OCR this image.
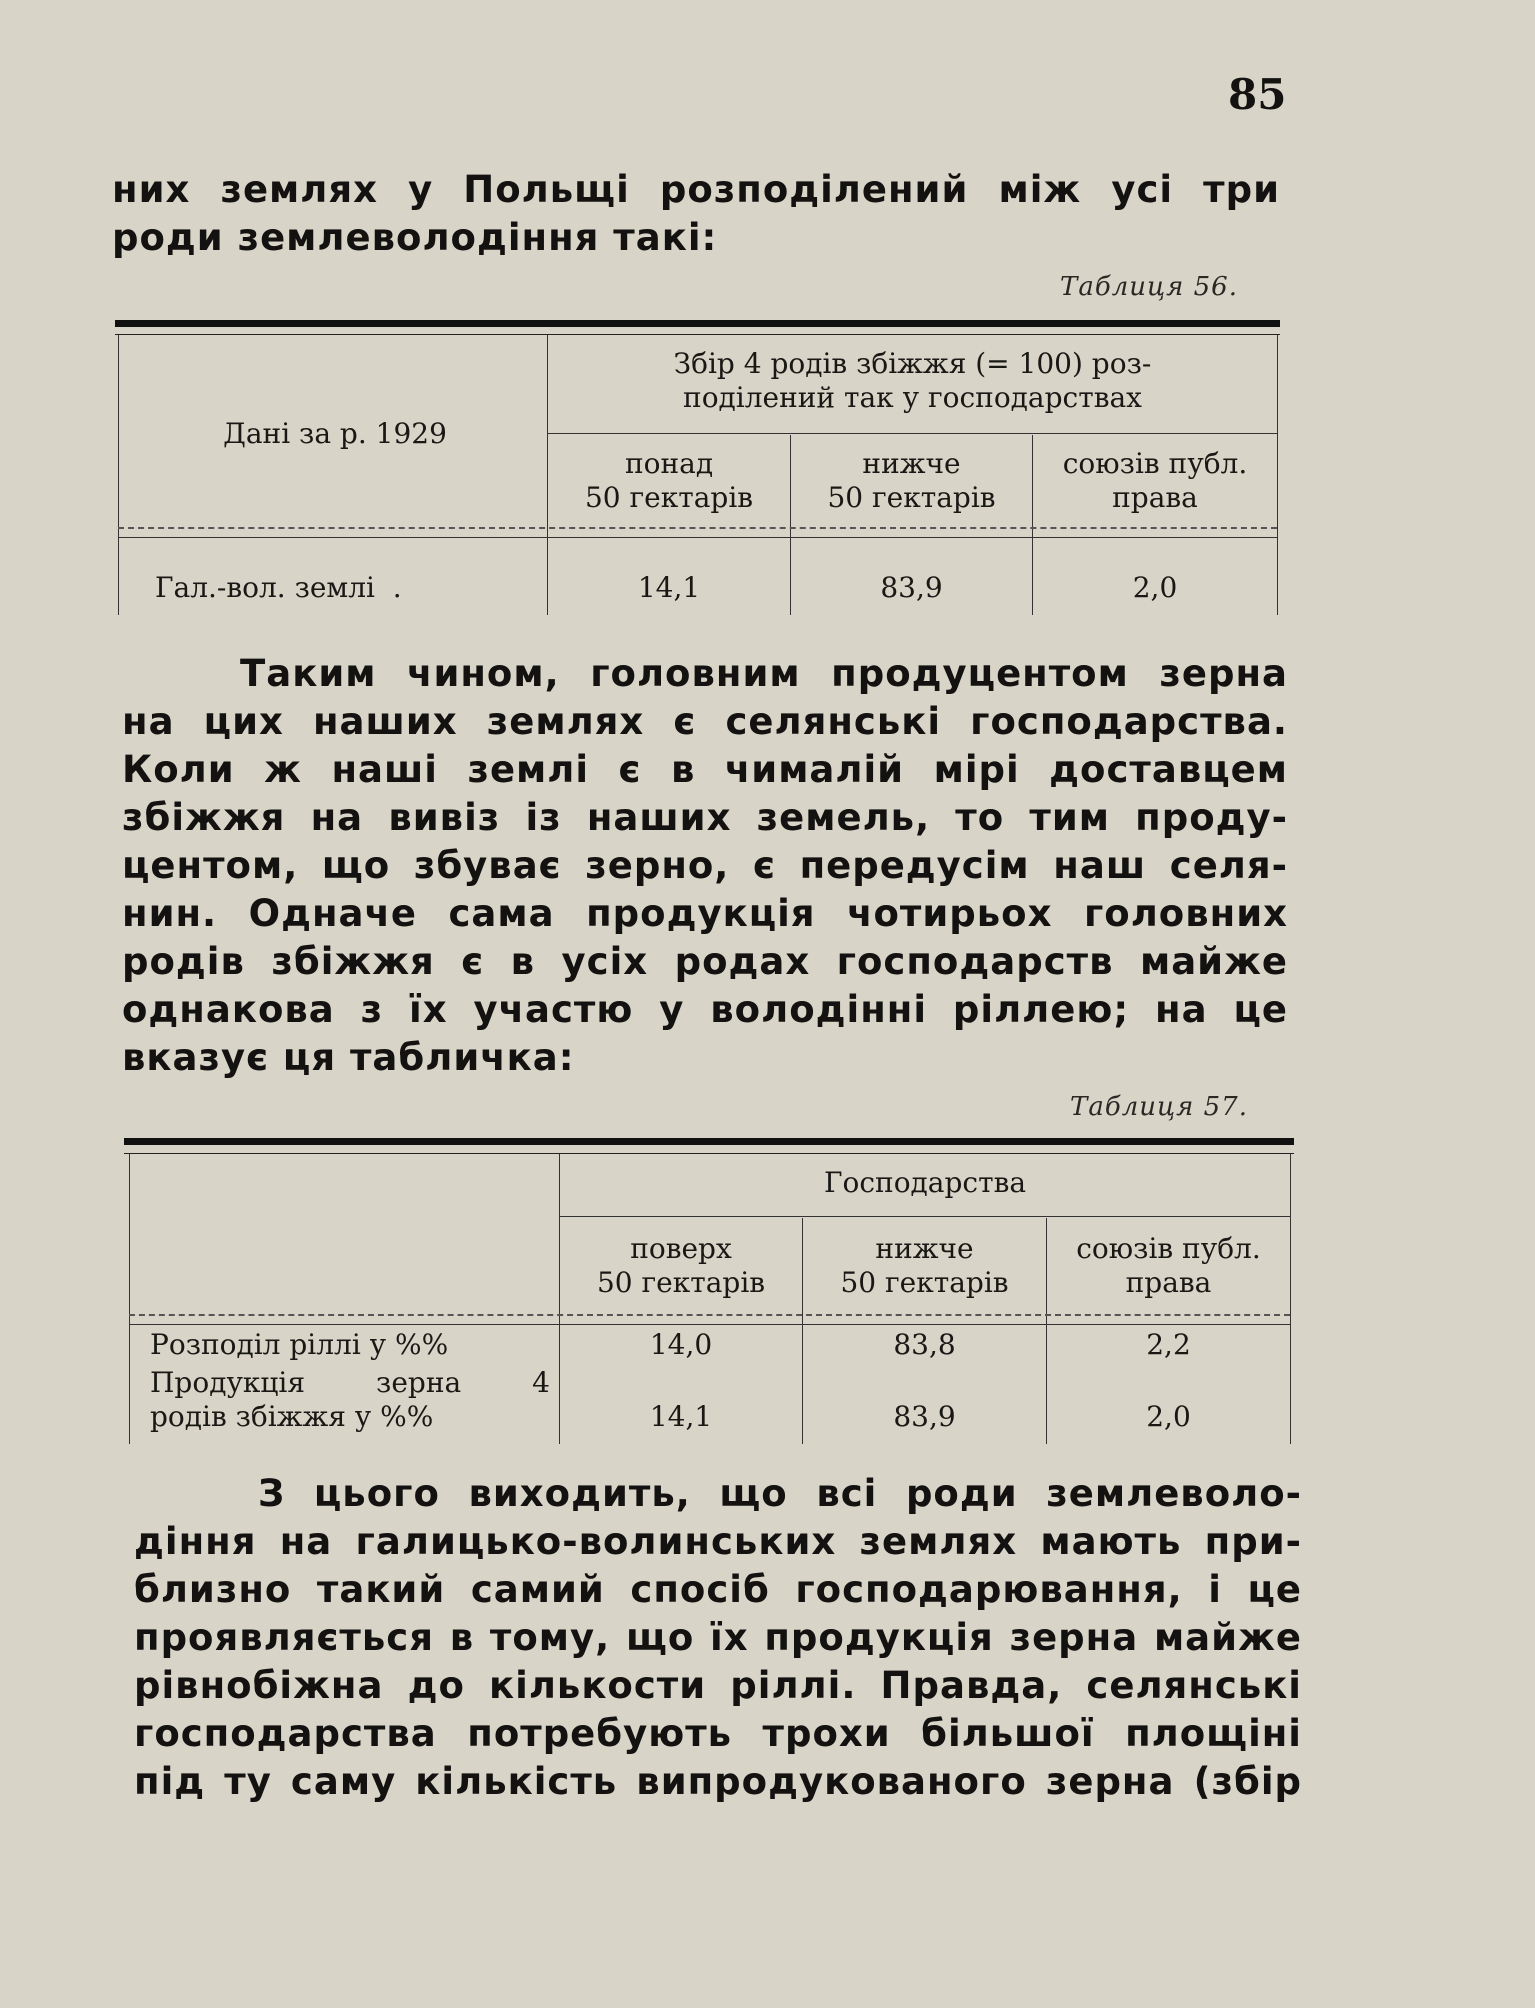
85
них землях у Польщі розподілений між усі три
роди землеволодіння такі:
Таблиця 56.
Дані за р. 1929
Збір 4 родів збіжжя (= 100) роз-
поділений так у господарствах
понад
50 гектарів
нижче
50 гектарів
союзів публ.
права
Гал.-вол. землі  .	14,1	83,9	2,0
Таким чином, головним продуцентом зерна
на цих наших землях є селянські господарства.
Коли ж наші землі є в чималій мірі доставцем
збіжжя на вивіз із наших земель, то тим проду-
центом, що збуває зерно, є передусім наш селя-
нин. Одначе сама продукція чотирьох головних
родів збіжжя є в усіх родах господарств майже
однакова з їх участю у володінні ріллею; на це
вказує ця табличка:
Таблиця 57.
Господарства
поверх
50 гектарів
нижче
50 гектарів
союзів публ.
права
Розподіл ріллі у %%	14,0	83,8	2,2
Продукція зерна 4
родів збіжжя у %%	14,1	83,9	2,0
З цього виходить, що всі роди землеволо-
діння на галицько-волинських землях мають при-
близно такий самий спосіб господарювання, і це
проявляється в тому, що їх продукція зерна майже
рівнобіжна до кількости ріллі. Правда, селянські
господарства потребують трохи більшої площіні
під ту саму кількість випродукованого зерна (збір
